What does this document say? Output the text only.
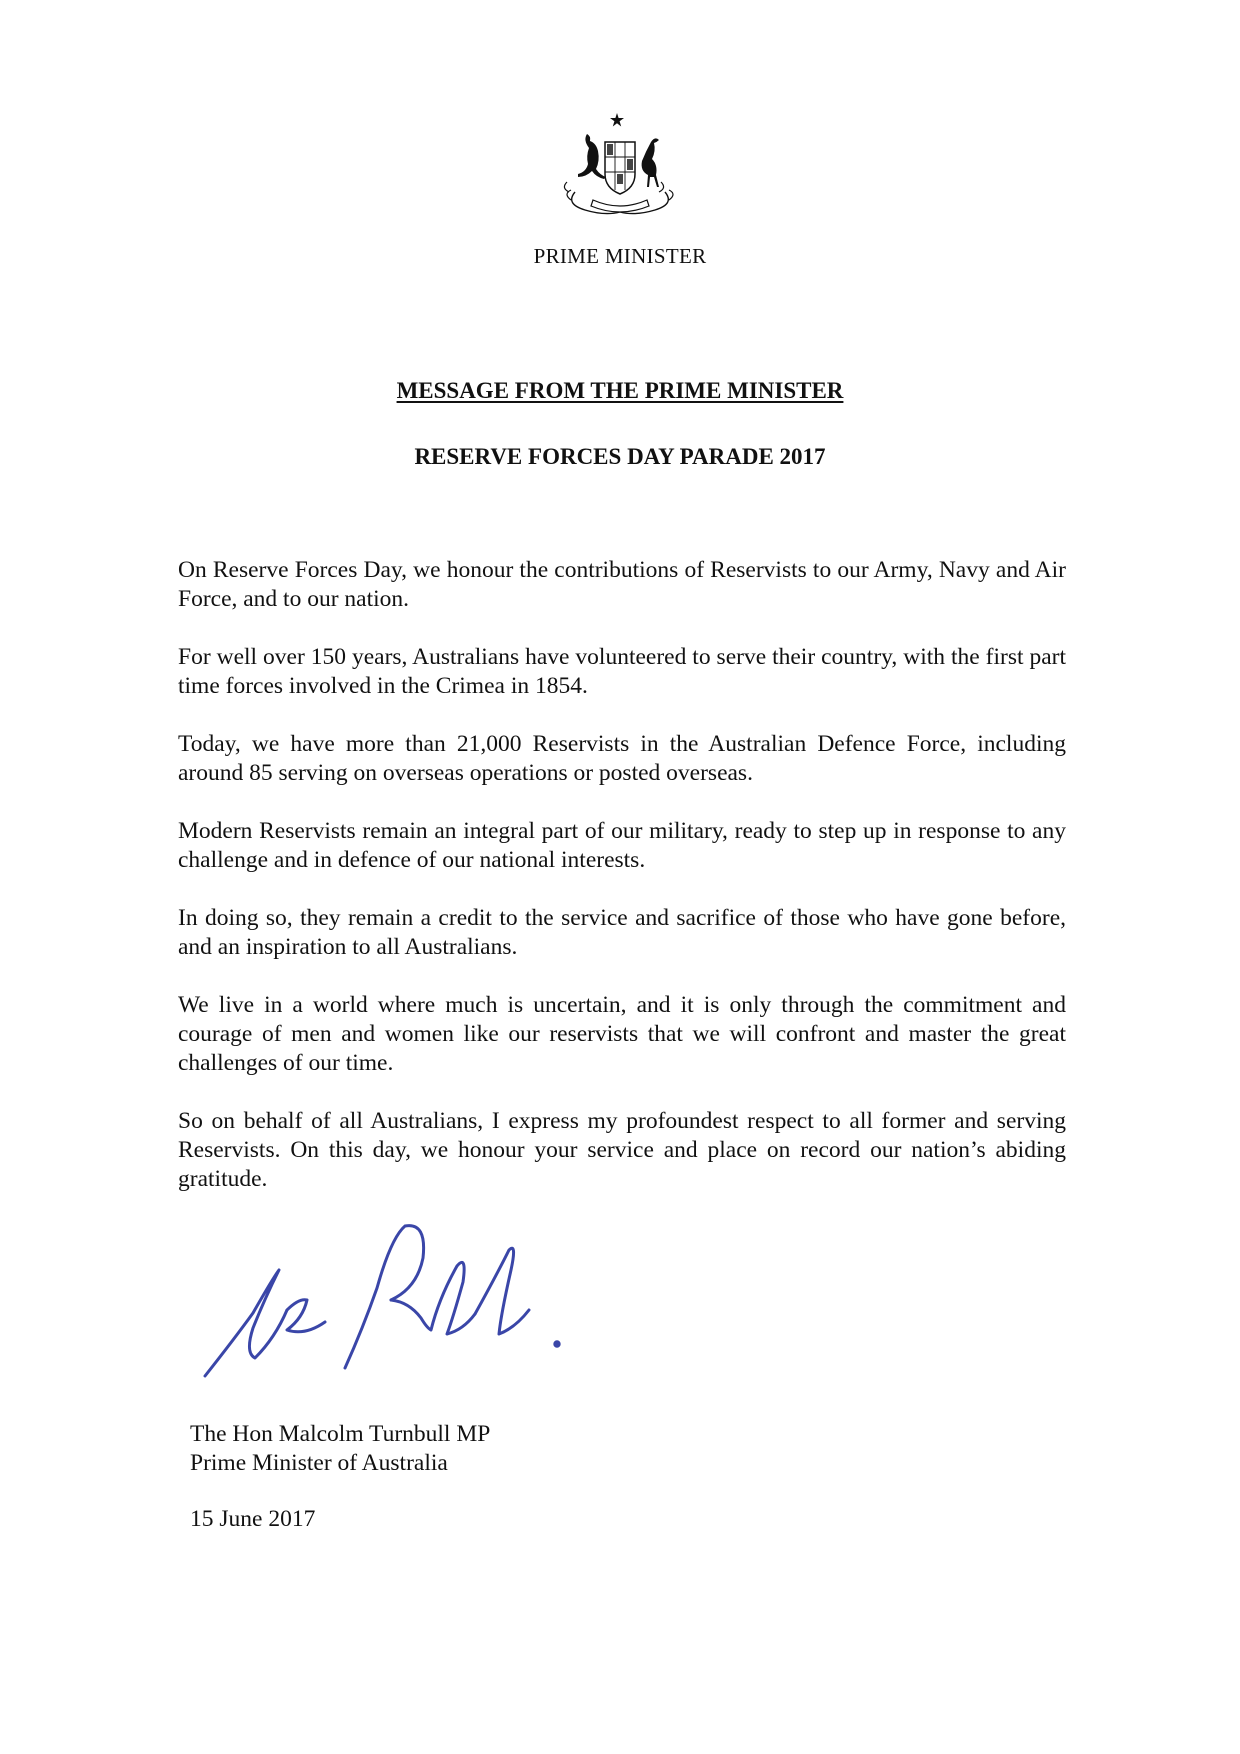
PRIME MINISTER
MESSAGE FROM THE PRIME MINISTER
RESERVE FORCES DAY PARADE 2017

On Reserve Forces Day, we honour the contributions of Reservists to our Army, Navy and Air Force, and to our nation.

For well over 150 years, Australians have volunteered to serve their country, with the first part time forces involved in the Crimea in 1854.

Today, we have more than 21,000 Reservists in the Australian Defence Force, including around 85 serving on overseas operations or posted overseas.

Modern Reservists remain an integral part of our military, ready to step up in response to any challenge and in defence of our national interests.

In doing so, they remain a credit to the service and sacrifice of those who have gone before, and an inspiration to all Australians.

We live in a world where much is uncertain, and it is only through the commitment and courage of men and women like our reservists that we will confront and master the great challenges of our time.

So on behalf of all Australians, I express my profoundest respect to all former and serving Reservists. On this day, we honour your service and place on record our nation’s abiding gratitude.

The Hon Malcolm Turnbull MP
Prime Minister of Australia
15 June 2017
